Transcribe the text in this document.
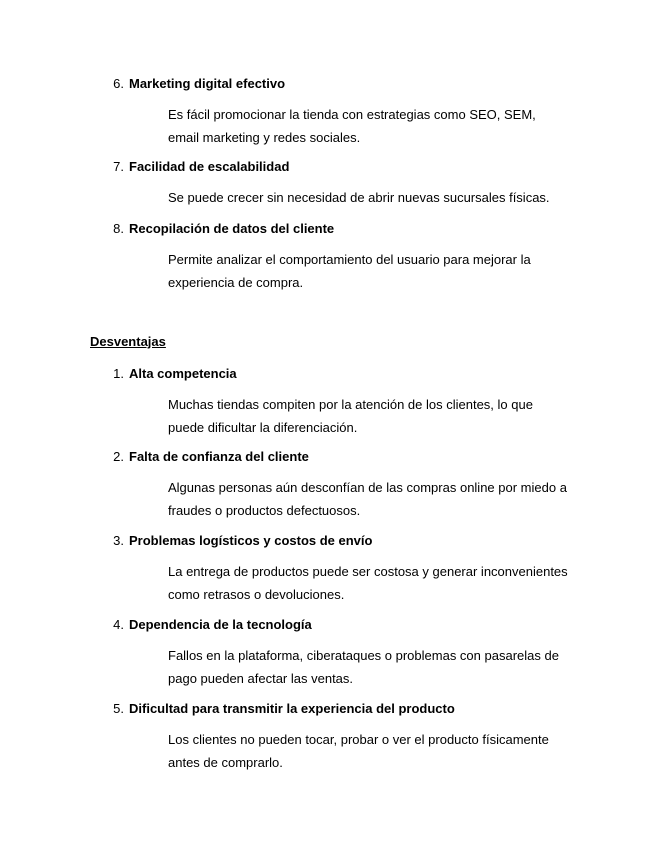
6. Marketing digital efectivo
Es fácil promocionar la tienda con estrategias como SEO, SEM,
email marketing y redes sociales.
7. Facilidad de escalabilidad
Se puede crecer sin necesidad de abrir nuevas sucursales físicas.
8. Recopilación de datos del cliente
Permite analizar el comportamiento del usuario para mejorar la
experiencia de compra.
Desventajas
1. Alta competencia
Muchas tiendas compiten por la atención de los clientes, lo que
puede dificultar la diferenciación.
2. Falta de confianza del cliente
Algunas personas aún desconfían de las compras online por miedo a
fraudes o productos defectuosos.
3. Problemas logísticos y costos de envío
La entrega de productos puede ser costosa y generar inconvenientes
como retrasos o devoluciones.
4. Dependencia de la tecnología
Fallos en la plataforma, ciberataques o problemas con pasarelas de
pago pueden afectar las ventas.
5. Dificultad para transmitir la experiencia del producto
Los clientes no pueden tocar, probar o ver el producto físicamente
antes de comprarlo.
